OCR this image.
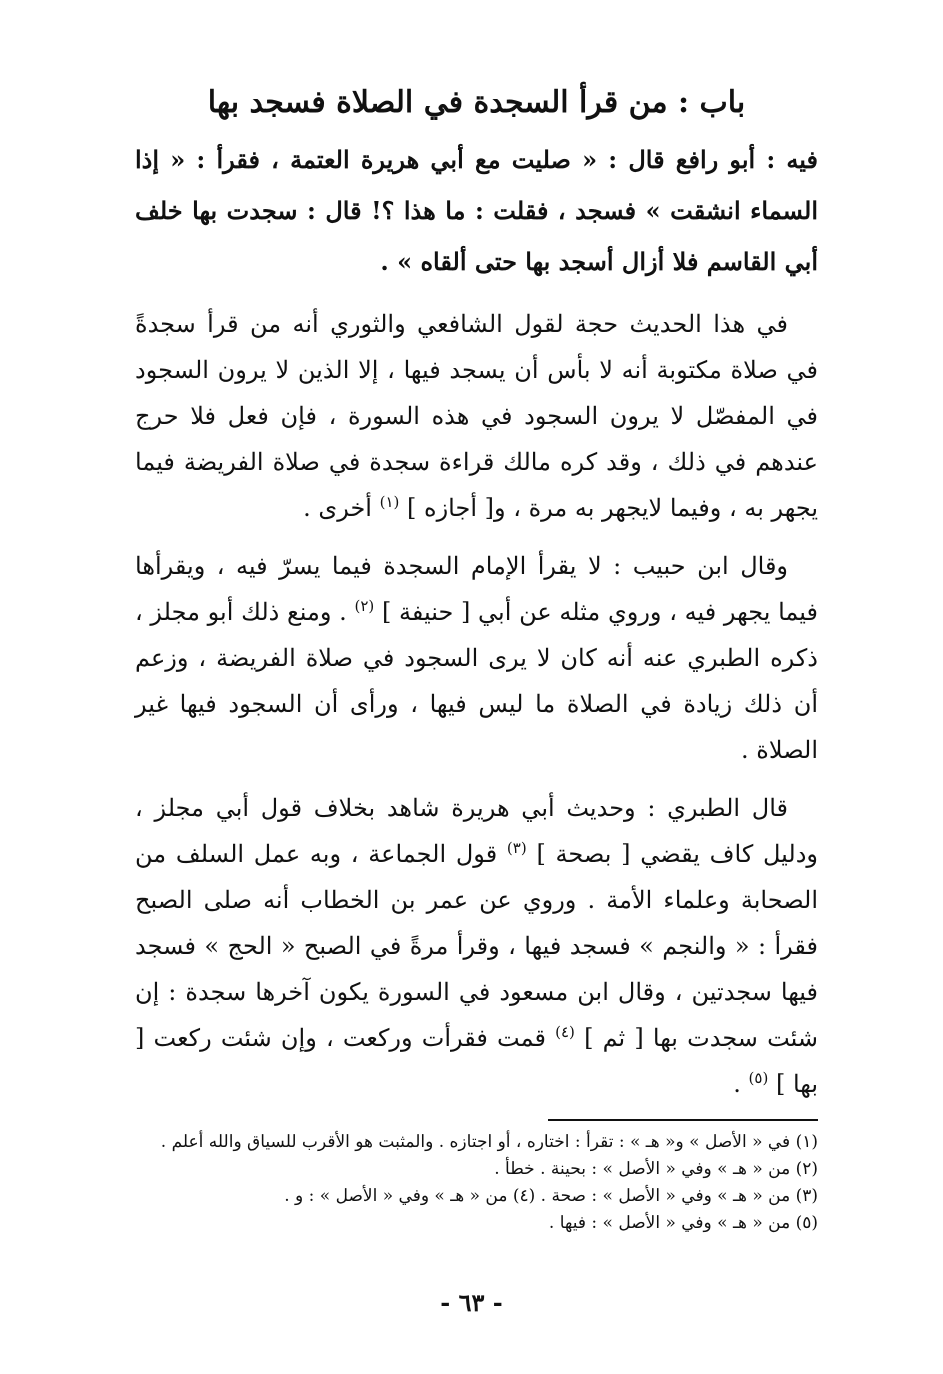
باب : من قرأ السجدة في الصلاة فسجد بها
فيه : أبو رافع قال : « صليت مع أبي هريرة العتمة ، فقرأ : « إذا السماء انشقت » فسجد ، فقلت : ما هذا ؟! قال : سجدت بها خلف أبي القاسم فلا أزال أسجد بها حتى ألقاه » .

في هذا الحديث حجة لقول الشافعي والثوري أنه من قرأ سجدةً في صلاة مكتوبة أنه لا بأس أن يسجد فيها ، إلا الذين لا يرون السجود في المفصّل لا يرون السجود في هذه السورة ، فإن فعل فلا حرج عندهم في ذلك ، وقد كره مالك قراءة سجدة في صلاة الفريضة فيما يجهر به ، وفيما لايجهر به مرة ، و[ أجازه ] $^{(١)}$ أخرى .

وقال ابن حبيب : لا يقرأ الإمام السجدة فيما يسرّ فيه ، ويقرأها فيما يجهر فيه ، وروي مثله عن أبي [ حنيفة ] $^{(٢)}$ . ومنع ذلك أبو مجلز ، ذكره الطبري عنه أنه كان لا يرى السجود في صلاة الفريضة ، وزعم أن ذلك زيادة في الصلاة ما ليس فيها ، ورأى أن السجود فيها غير الصلاة .

قال الطبري : وحديث أبي هريرة شاهد بخلاف قول أبي مجلز ، ودليل كاف يقضي [ بصحة ] $^{(٣)}$ قول الجماعة ، وبه عمل السلف من الصحابة وعلماء الأمة . وروي عن عمر بن الخطاب أنه صلى الصبح فقرأ : « والنجم » فسجد فيها ، وقرأ مرةً في الصبح « الحج » فسجد فيها سجدتين ، وقال ابن مسعود في السورة يكون آخرها سجدة : إن شئت سجدت بها [ ثم ] $^{(٤)}$ قمت فقرأت وركعت ، وإن شئت ركعت [ بها ] $^{(٥)}$ .

(١) في « الأصل » و« هـ » : تقرأ : اختاره ، أو اجتازه . والمثبت هو الأقرب للسياق والله أعلم .

(٢) من « هـ » وفي « الأصل » : بحينة . خطأ .

(٣) من « هـ » وفي « الأصل » : صحة . (٤) من « هـ » وفي « الأصل » : و .

(٥) من « هـ » وفي « الأصل » : فيها .

- ٦٣ -
